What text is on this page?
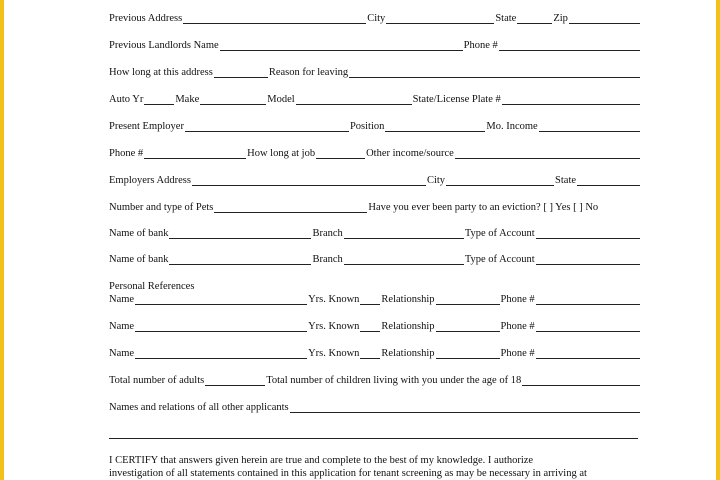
Previous Address	City	State	Zip
Previous Landlords Name	Phone #
How long at this address	Reason for leaving
Auto Yr	Make	Model	State/License Plate #
Present Employer	Position	Mo. Income
Phone #	How long at job	Other income/source
Employers Address	City	State
Number and type of Pets	Have you ever been party to an eviction? [ ] Yes [ ] No
Name of bank	Branch	Type of Account
Name of bank	Branch	Type of Account
Personal References
Name	Yrs. Known Relationship	Phone #
Name	Yrs. Known Relationship	Phone #
Name	Yrs. Known Relationship	Phone #
Total number of adults	Total number of children living with you under the age of 18
Names and relations of all other applicants
I CERTIFY that answers given herein are true and complete to the best of my knowledge. I authorize
investigation of all statements contained in this application for tenant screening as may be necessary in arriving at
